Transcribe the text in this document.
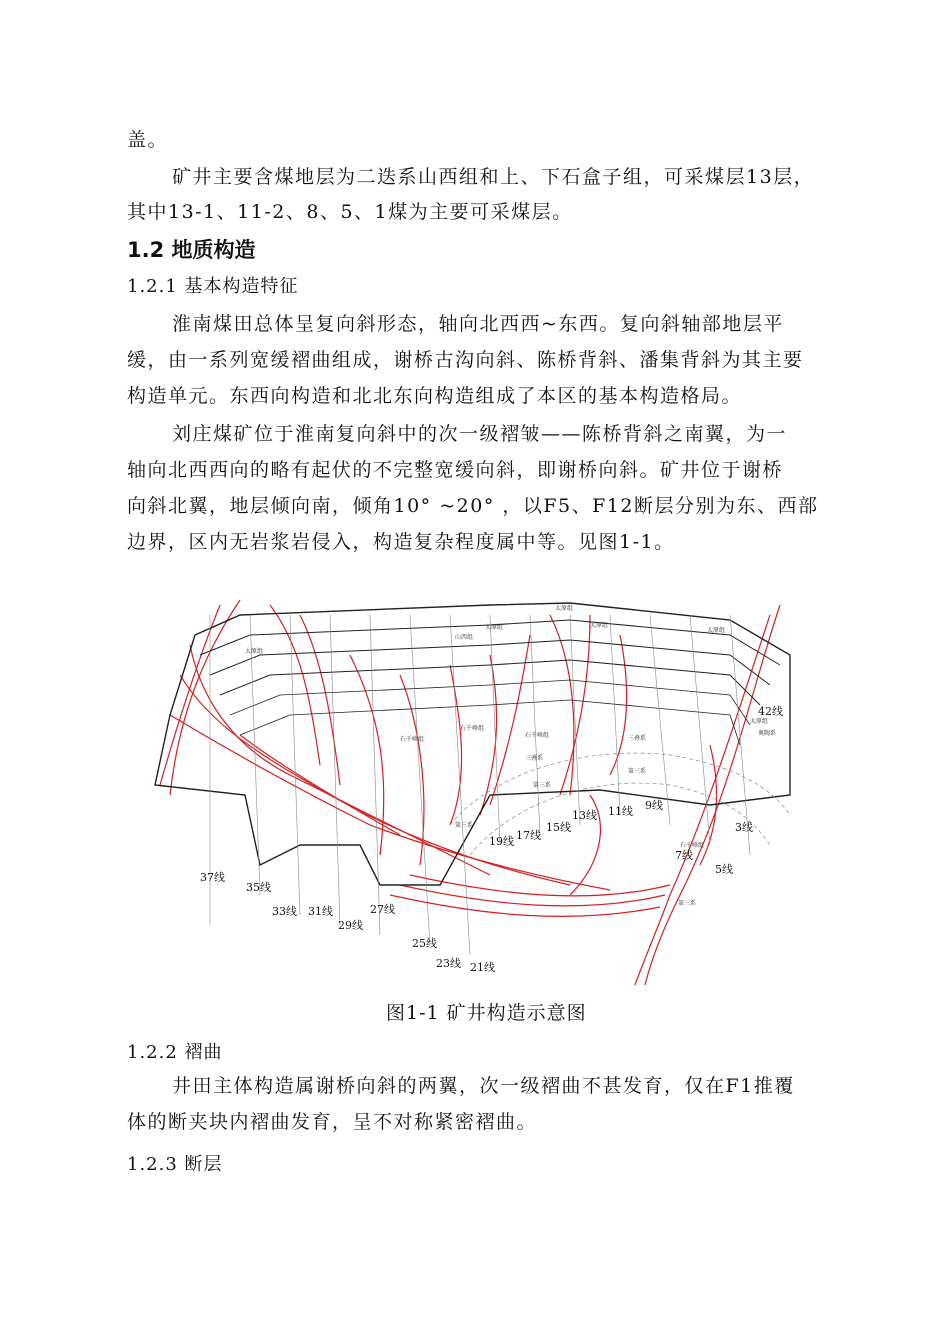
盖。
矿井主要含煤地层为二迭系山西组和上、下石盒子组，可采煤层13层，
其中13-1、11-2、8、5、1煤为主要可采煤层。
1.2 地质构造
1.2.1 基本构造特征
淮南煤田总体呈复向斜形态，轴向北西西~东西。复向斜轴部地层平
缓，由一系列宽缓褶曲组成，谢桥古沟向斜、陈桥背斜、潘集背斜为其主要
构造单元。东西向构造和北北东向构造组成了本区的基本构造格局。
刘庄煤矿位于淮南复向斜中的次一级褶皱——陈桥背斜之南翼，为一
轴向北西西向的略有起伏的不完整宽缓向斜，即谢桥向斜。矿井位于谢桥
向斜北翼，地层倾向南，倾角10° ~20° ，以F5、F12断层分别为东、西部
边界，区内无岩浆岩侵入，构造复杂程度属中等。见图1-1。
42线
3线
5线
7线
9线
11线
13线
15线
17线
19线
21线
23线
25线
27线
29线
31线
33线
35线
37线
太原组
太原组
太原组
太原组
太原组
山西组
石千峰组
石千峰组
石千峰组
三叠系
三叠系
第三系
第三系
第三系
第三系
石千峰组
太原组
奥陶系
图1-1 矿井构造示意图
1.2.2 褶曲
井田主体构造属谢桥向斜的两翼，次一级褶曲不甚发育，仅在F1推覆
体的断夹块内褶曲发育，呈不对称紧密褶曲。
1.2.3 断层
